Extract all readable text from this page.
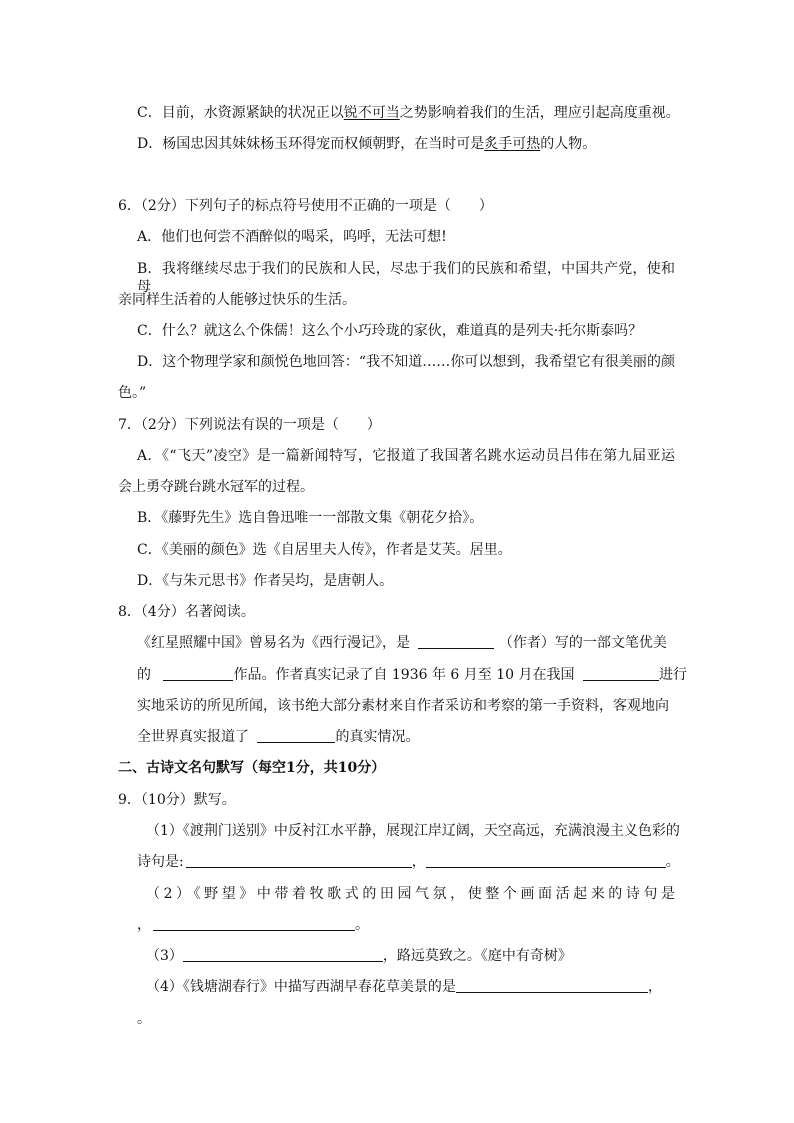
C．目前，水资源紧缺的状况正以锐不可当之势影响着我们的生活，理应引起高度重视。
D．杨国忠因其妹妹杨玉环得宠而权倾朝野，在当时可是炙手可热的人物。
6．（2分）下列句子的标点符号使用不正确的一项是（　　）
A．他们也何尝不酒醉似的喝采，呜呼，无法可想!
B．我将继续尽忠于我们的民族和人民，尽忠于我们的民族和希望，中国共产党，使和母
亲同样生活着的人能够过快乐的生活。
C．什么？就这么个侏儒！这么个小巧玲珑的家伙，难道真的是列夫·托尔斯泰吗？
D．这个物理学家和颜悦色地回答：“我不知道……你可以想到，我希望它有很美丽的颜
色。”
7．（2分）下列说法有误的一项是（　　）
A．《“飞天”凌空》是一篇新闻特写，它报道了我国著名跳水运动员吕伟在第九届亚运
会上勇夺跳台跳水冠军的过程。
B．《藤野先生》选自鲁迅唯一一部散文集《朝花夕拾》。
C．《美丽的颜色》选《自居里夫人传》，作者是艾芙。居里。
D．《与朱元思书》作者吴均，是唐朝人。
8．（4分）名著阅读。
《红星照耀中国》曾易名为《西行漫记》，是	（作者）写的一部文笔优美
的	作品。作者真实记录了自 1936 年 6 月至 10 月在我国	进行
实地采访的所见所闻，该书绝大部分素材来自作者采访和考察的第一手资料，客观地向
全世界真实报道了	的真实情况。
二、古诗文名句默写（每空1分，共10分）
9．（10分）默写。
（1）《渡荆门送别》中反衬江水平静，展现江岸辽阔，天空高远，充满浪漫主义色彩的
诗句是:	，	。
（2）《野望》中带着牧歌式的田园气氛，使整个画面活起来的诗句是
，	。
（3）	，路远莫致之。《庭中有奇树》
（4）《钱塘湖春行》中描写西湖早春花草美景的是	，
。
